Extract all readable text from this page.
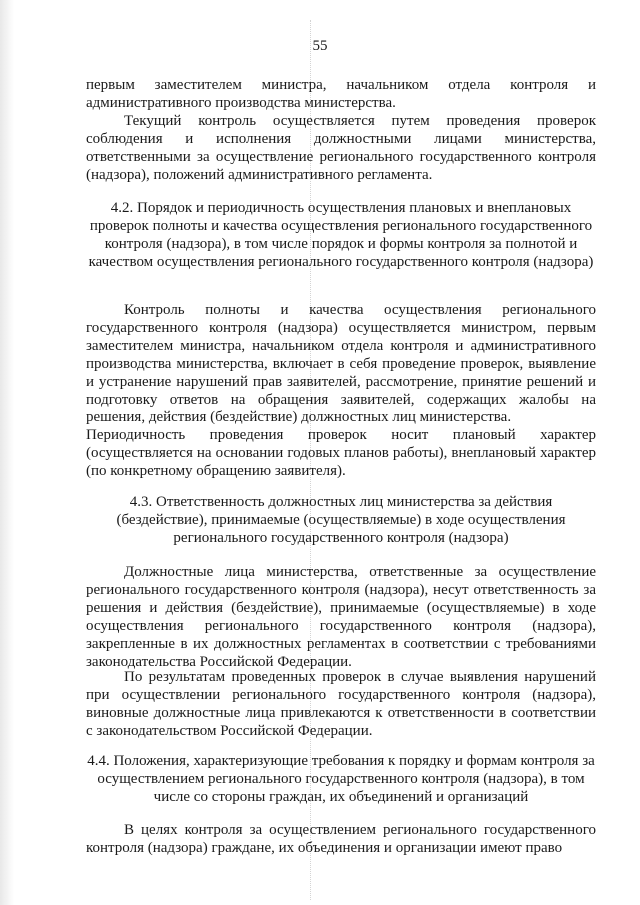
55
первым заместителем министра, начальником отдела контроля и административного производства министерства.
Текущий контроль осуществляется путем проведения проверок соблюдения и исполнения должностными лицами министерства, ответственными за осуществление регионального государственного контроля (надзора), положений административного регламента.
4.2. Порядок и периодичность осуществления плановых и внеплановых проверок полноты и качества осуществления регионального государственного контроля (надзора), в том числе порядок и формы контроля за полнотой и качеством осуществления регионального государственного контроля (надзора)
Контроль полноты и качества осуществления регионального государственного контроля (надзора) осуществляется министром, первым заместителем министра, начальником отдела контроля и административного производства министерства, включает в себя проведение проверок, выявление и устранение нарушений прав заявителей, рассмотрение, принятие решений и подготовку ответов на обращения заявителей, содержащих жалобы на решения, действия (бездействие) должностных лиц министерства.
Периодичность проведения проверок носит плановый характер (осуществляется на основании годовых планов работы), внеплановый характер (по конкретному обращению заявителя).
4.3. Ответственность должностных лиц министерства за действия (бездействие), принимаемые (осуществляемые) в ходе осуществления регионального государственного контроля (надзора)
Должностные лица министерства, ответственные за осуществление регионального государственного контроля (надзора), несут ответственность за решения и действия (бездействие), принимаемые (осуществляемые) в ходе осуществления регионального государственного контроля (надзора), закрепленные в их должностных регламентах в соответствии с требованиями законодательства Российской Федерации.
По результатам проведенных проверок в случае выявления нарушений при осуществлении регионального государственного контроля (надзора), виновные должностные лица привлекаются к ответственности в соответствии с законодательством Российской Федерации.
4.4. Положения, характеризующие требования к порядку и формам контроля за осуществлением регионального государственного контроля (надзора), в том числе со стороны граждан, их объединений и организаций
В целях контроля за осуществлением регионального государственного контроля (надзора) граждане, их объединения и организации имеют право
